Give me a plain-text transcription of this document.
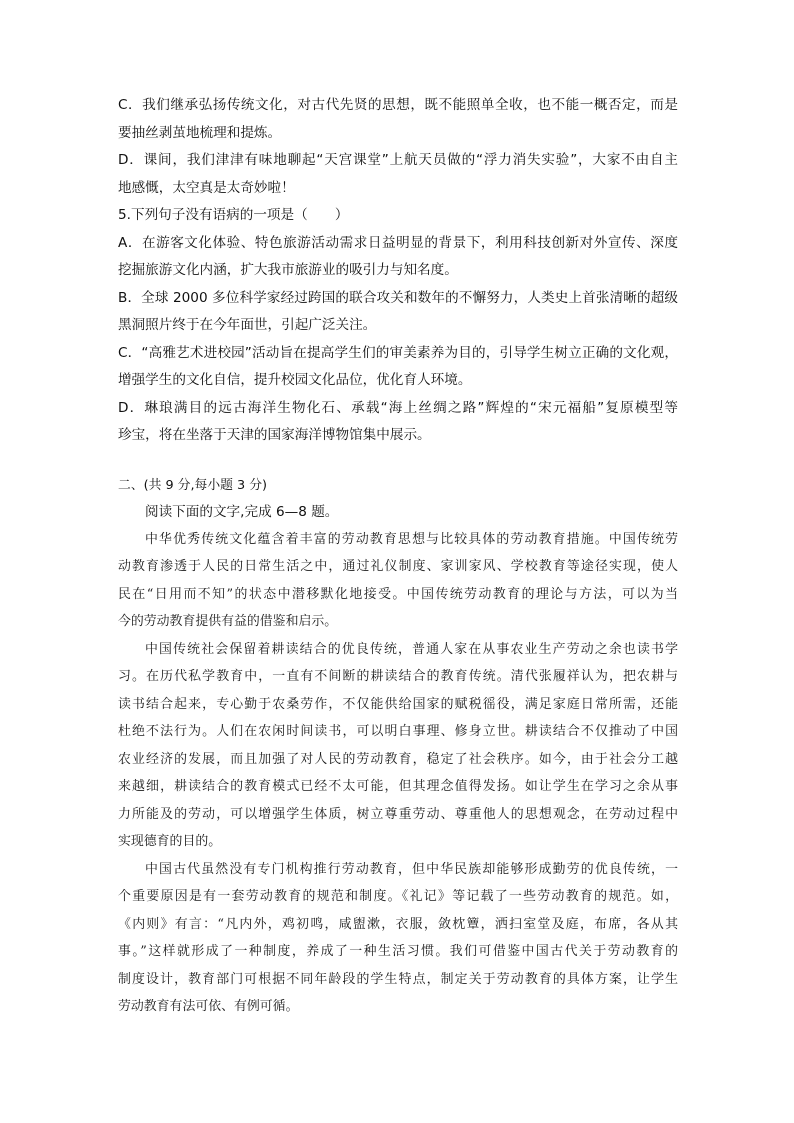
C．我们继承弘扬传统文化，对古代先贤的思想，既不能照单全收，也不能一概否定，而是
要抽丝剥茧地梳理和提炼。
D．课间，我们津津有味地聊起“天宫课堂”上航天员做的“浮力消失实验”，大家不由自主
地感慨，太空真是太奇妙啦！
5.下列句子没有语病的一项是（　　）
A．在游客文化体验、特色旅游活动需求日益明显的背景下，利用科技创新对外宣传、深度
挖掘旅游文化内涵，扩大我市旅游业的吸引力与知名度。
B．全球 2000 多位科学家经过跨国的联合攻关和数年的不懈努力，人类史上首张清晰的超级
黑洞照片终于在今年面世，引起广泛关注。
C．“高雅艺术进校园”活动旨在提高学生们的审美素养为目的，引导学生树立正确的文化观，
增强学生的文化自信，提升校园文化品位，优化育人环境。
D．琳琅满目的远古海洋生物化石、承载“海上丝绸之路”辉煌的“宋元福船”复原模型等
珍宝，将在坐落于天津的国家海洋博物馆集中展示。
二、(共 9 分,每小题 3 分)
阅读下面的文字,完成 6—8 题。
中华优秀传统文化蕴含着丰富的劳动教育思想与比较具体的劳动教育措施。中国传统劳
动教育渗透于人民的日常生活之中，通过礼仪制度、家训家风、学校教育等途径实现，使人
民在“日用而不知”的状态中潜移默化地接受。中国传统劳动教育的理论与方法，可以为当
今的劳动教育提供有益的借鉴和启示。
中国传统社会保留着耕读结合的优良传统，普通人家在从事农业生产劳动之余也读书学
习。在历代私学教育中，一直有不间断的耕读结合的教育传统。清代张履祥认为，把农耕与
读书结合起来，专心勤于农桑劳作，不仅能供给国家的赋税徭役，满足家庭日常所需，还能
杜绝不法行为。人们在农闲时间读书，可以明白事理、修身立世。耕读结合不仅推动了中国
农业经济的发展，而且加强了对人民的劳动教育，稳定了社会秩序。如今，由于社会分工越
来越细，耕读结合的教育模式已经不太可能，但其理念值得发扬。如让学生在学习之余从事
力所能及的劳动，可以增强学生体质，树立尊重劳动、尊重他人的思想观念，在劳动过程中
实现德育的目的。
中国古代虽然没有专门机构推行劳动教育，但中华民族却能够形成勤劳的优良传统，一
个重要原因是有一套劳动教育的规范和制度。《礼记》等记载了一些劳动教育的规范。如，
《内则》有言：“凡内外，鸡初鸣，咸盥漱，衣服，敛枕簟，洒扫室堂及庭，布席，各从其
事。”这样就形成了一种制度，养成了一种生活习惯。我们可借鉴中国古代关于劳动教育的
制度设计，教育部门可根据不同年龄段的学生特点，制定关于劳动教育的具体方案，让学生
劳动教育有法可依、有例可循。
